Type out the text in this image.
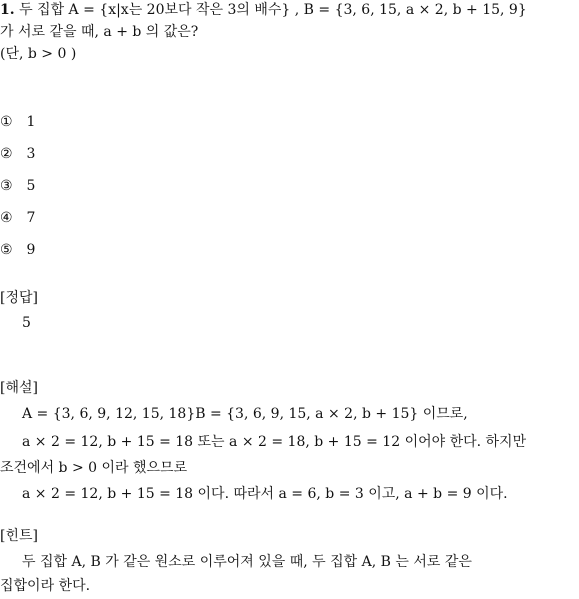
1. 두 집합 A = {x|x는 20보다 작은 3의 배수} , B = {3, 6, 15, a × 2, b + 15, 9}
가 서로 같을 때, a + b 의 값은?
(단, b > 0 )
① 1
② 3
③ 5
④ 7
⑤ 9
[정답]
5
[해설]
A = {3, 6, 9, 12, 15, 18}B = {3, 6, 9, 15, a × 2, b + 15} 이므로,
a × 2 = 12, b + 15 = 18 또는 a × 2 = 18, b + 15 = 12 이어야 한다. 하지만
조건에서 b > 0 이라 했으므로
a × 2 = 12, b + 15 = 18 이다. 따라서 a = 6, b = 3 이고, a + b = 9 이다.
[힌트]
두 집합 A, B 가 같은 원소로 이루어져 있을 때, 두 집합 A, B 는 서로 같은
집합이라 한다.
